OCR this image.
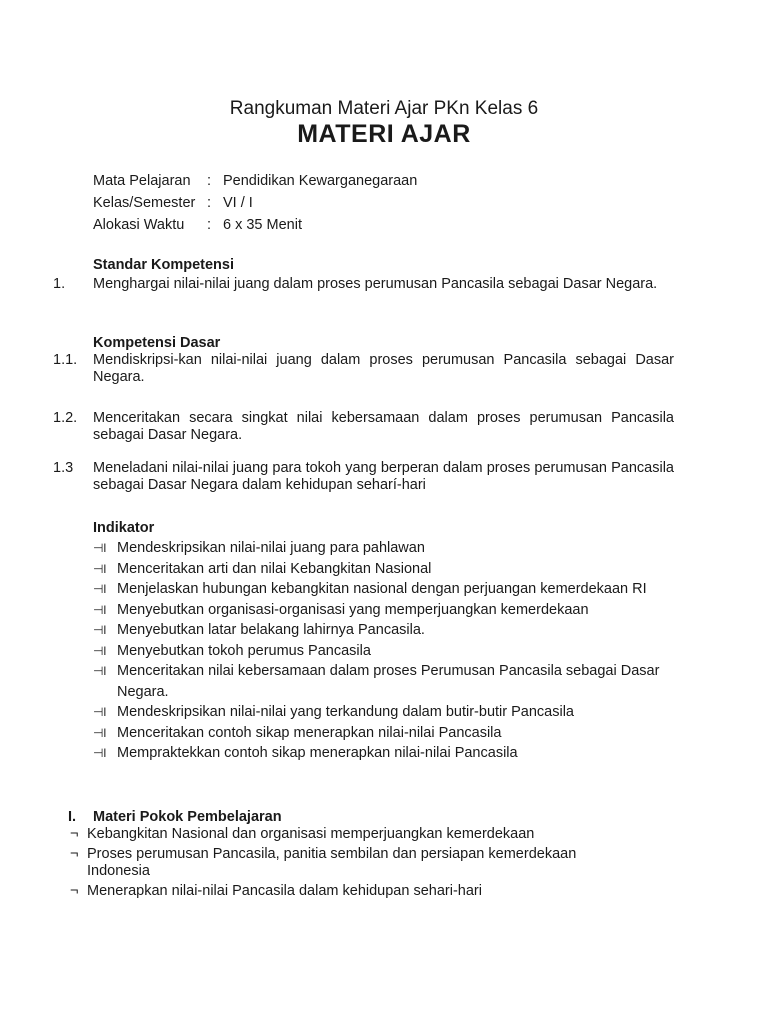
Rangkuman Materi Ajar PKn Kelas 6
MATERI AJAR
Mata Pelajaran	: Pendidikan Kewarganegaraan
Kelas/Semester : VI / I
Alokasi Waktu	: 6 x 35 Menit
Standar Kompetensi
1. Menghargai nilai-nilai juang dalam proses perumusan Pancasila sebagai Dasar Negara.
Kompetensi Dasar
1.1. Mendiskripsi-kan nilai-nilai juang dalam proses perumusan Pancasila sebagai Dasar Negara.
1.2. Menceritakan secara singkat nilai kebersamaan dalam proses perumusan Pancasila sebagai Dasar Negara.
1.3 Meneladani nilai-nilai juang para tokoh yang berperan dalam proses perumusan Pancasila sebagai Dasar Negara dalam kehidupan seharí-hari
Indikator
⊣l Mendeskripsikan nilai-nilai juang para pahlawan
⊣l Menceritakan arti dan nilai Kebangkitan Nasional
⊣l Menjelaskan hubungan kebangkitan nasional dengan perjuangan kemerdekaan RI
⊣l Menyebutkan organisasi-organisasi yang memperjuangkan kemerdekaan
⊣l Menyebutkan latar belakang lahirnya Pancasila.
⊣l Menyebutkan tokoh perumus Pancasila
⊣l Menceritakan nilai kebersamaan dalam proses Perumusan Pancasila sebagai Dasar Negara.
⊣l Mendeskripsikan nilai-nilai yang terkandung dalam butir-butir Pancasila
⊣l Menceritakan contoh sikap menerapkan nilai-nilai Pancasila
⊣l Mempraktekkan contoh sikap menerapkan nilai-nilai Pancasila
I. Materi Pokok Pembelajaran
¬ Kebangkitan Nasional dan organisasi memperjuangkan kemerdekaan
¬ Proses perumusan Pancasila, panitia sembilan dan persiapan kemerdekaan Indonesia
¬ Menerapkan nilai-nilai Pancasila dalam kehidupan sehari-hari
